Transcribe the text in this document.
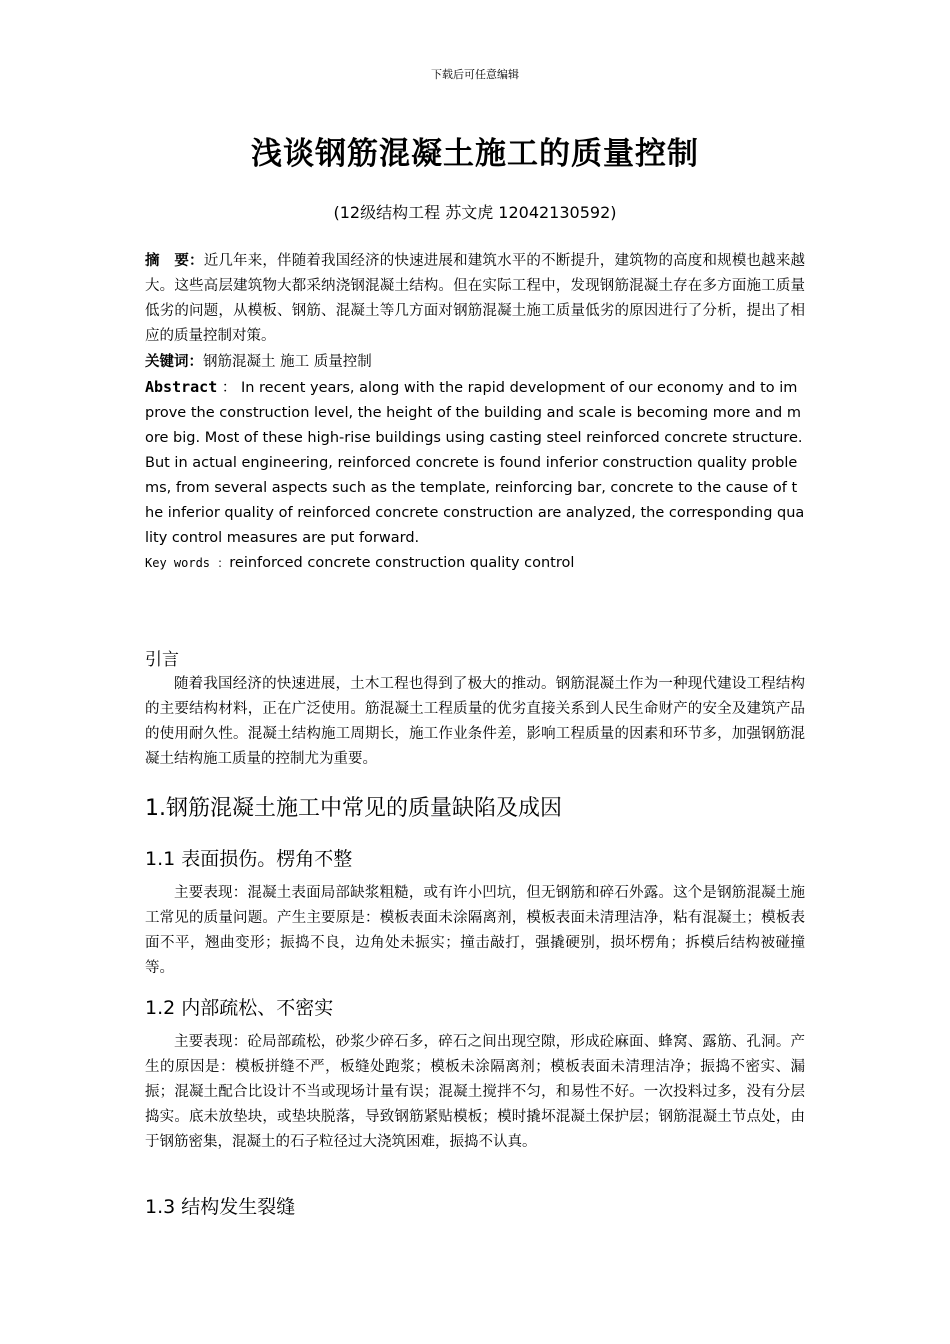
下载后可任意编辑
浅谈钢筋混凝土施工的质量控制
(12级结构工程 苏文虎 12042130592)

摘　要：近几年来，伴随着我国经济的快速进展和建筑水平的不断提升，建筑物的高度和规模也越来越大。这些高层建筑物大都采纳浇钢混凝土结构。但在实际工程中，发现钢筋混凝土存在多方面施工质量低劣的问题，从模板、钢筋、混凝土等几方面对钢筋混凝土施工质量低劣的原因进行了分析，提出了相应的质量控制对策。

关键词：钢筋混凝土 施工 质量控制

Abstract ： In recent years, along with the rapid development of our economy and to improve the construction level, the height of the building and scale is becoming more and more big. Most of these high-rise buildings using casting steel reinforced concrete structure. But in actual engineering, reinforced concrete is found inferior construction quality problems, from several aspects such as the template, reinforcing bar, concrete to the cause of the inferior quality of reinforced concrete construction are analyzed, the corresponding quality control measures are put forward.

Key words ：reinforced concrete construction quality control

引言

随着我国经济的快速进展，土木工程也得到了极大的推动。钢筋混凝土作为一种现代建设工程结构的主要结构材料，正在广泛使用。筋混凝土工程质量的优劣直接关系到人民生命财产的安全及建筑产品的使用耐久性。混凝土结构施工周期长，施工作业条件差，影响工程质量的因素和环节多，加强钢筋混凝土结构施工质量的控制尤为重要。

1.钢筋混凝土施工中常见的质量缺陷及成因

1.1 表面损伤。楞角不整

主要表现：混凝土表面局部缺浆粗糙，或有许小凹坑，但无钢筋和碎石外露。这个是钢筋混凝土施工常见的质量问题。产生主要原是：模板表面未涂隔离剂，模板表面未清理洁净，粘有混凝土；模板表面不平，翘曲变形；振捣不良，边角处未振实；撞击敲打，强撬硬别，损坏楞角；拆模后结构被碰撞等。

1.2 内部疏松、不密实

主要表现：砼局部疏松，砂浆少碎石多，碎石之间出现空隙，形成砼麻面、蜂窝、露筋、孔洞。产生的原因是：模板拼缝不严，板缝处跑浆；模板未涂隔离剂；模板表面未清理洁净；振捣不密实、漏振；混凝土配合比设计不当或现场计量有误；混凝土搅拌不匀，和易性不好。一次投料过多，没有分层捣实。底未放垫块，或垫块脱落，导致钢筋紧贴模板；模时撬坏混凝土保护层；钢筋混凝土节点处，由于钢筋密集，混凝土的石子粒径过大浇筑困难，振捣不认真。

1.3 结构发生裂缝
